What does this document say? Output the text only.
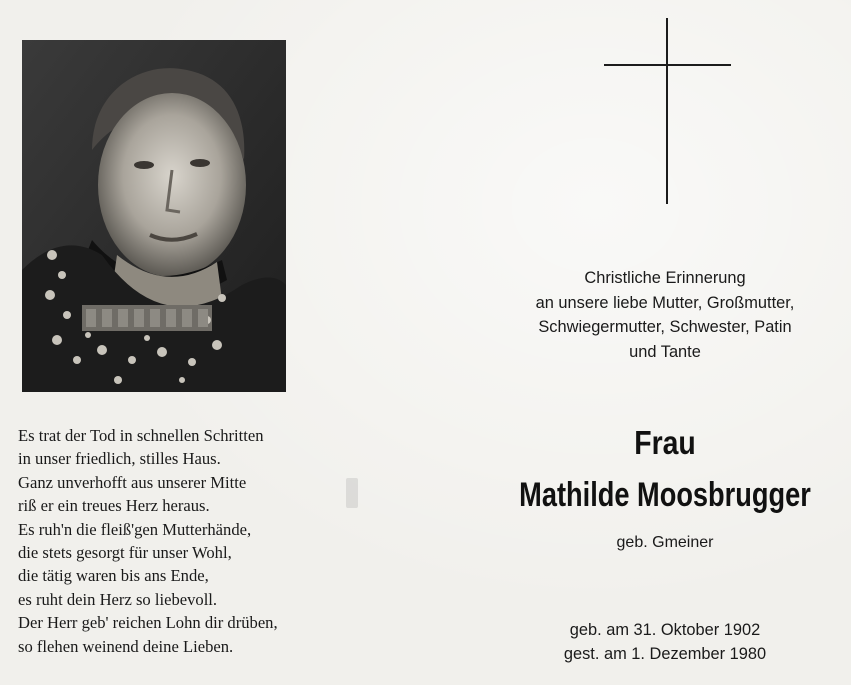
Es trat der Tod in schnellen Schritten
in unser friedlich, stilles Haus.
Ganz unverhofft aus unserer Mitte
riß er ein treues Herz heraus.
Es ruh'n die fleiß'gen Mutterhände,
die stets gesorgt für unser Wohl,
die tätig waren bis ans Ende,
es ruht dein Herz so liebevoll.
Der Herr geb' reichen Lohn dir drüben,
so flehen weinend deine Lieben.
Christliche Erinnerung
an unsere liebe Mutter, Großmutter,
Schwiegermutter, Schwester, Patin
und Tante
Frau
Mathilde Moosbrugger
geb. Gmeiner
geb. am 31. Oktober 1902
gest. am 1. Dezember 1980
